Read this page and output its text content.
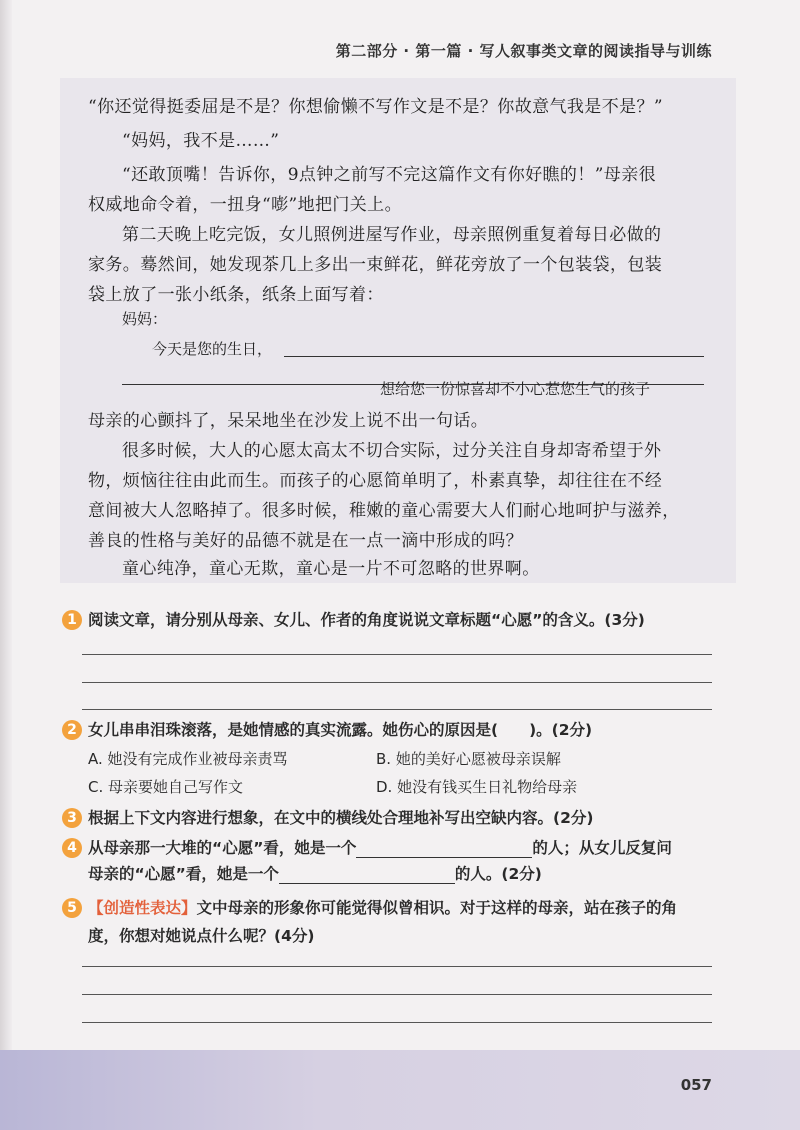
第二部分 · 第一篇 · 写人叙事类文章的阅读指导与训练
“你还觉得挺委屈是不是？你想偷懒不写作文是不是？你故意气我是不是？”
“妈妈，我不是……”
“还敢顶嘴！告诉你，9点钟之前写不完这篇作文有你好瞧的！”母亲很
权威地命令着，一扭身“嘭”地把门关上。
第二天晚上吃完饭，女儿照例进屋写作业，母亲照例重复着每日必做的
家务。蓦然间，她发现茶几上多出一束鲜花，鲜花旁放了一个包装袋，包装
袋上放了一张小纸条，纸条上面写着：
妈妈：
今天是您的生日，
想给您一份惊喜却不小心惹您生气的孩子
母亲的心颤抖了，呆呆地坐在沙发上说不出一句话。
很多时候，大人的心愿太高太不切合实际，过分关注自身却寄希望于外
物，烦恼往往由此而生。而孩子的心愿简单明了，朴素真挚，却往往在不经
意间被大人忽略掉了。很多时候，稚嫩的童心需要大人们耐心地呵护与滋养，
善良的性格与美好的品德不就是在一点一滴中形成的吗？
童心纯净，童心无欺，童心是一片不可忽略的世界啊。
1 阅读文章，请分别从母亲、女儿、作者的角度说说文章标题“心愿”的含义。(3分)
2 女儿串串泪珠滚落，是她情感的真实流露。她伤心的原因是(　　)。(2分)
A. 她没有完成作业被母亲责骂	B. 她的美好心愿被母亲误解
C. 母亲要她自己写作文	D. 她没有钱买生日礼物给母亲
3 根据上下文内容进行想象，在文中的横线处合理地补写出空缺内容。(2分)
4 从母亲那一大堆的“心愿”看，她是一个	的人；从女儿反复问
母亲的“心愿”看，她是一个	的人。(2分)
5 【创造性表达】文中母亲的形象你可能觉得似曾相识。对于这样的母亲，站在孩子的角
度，你想对她说点什么呢？(4分)
057
